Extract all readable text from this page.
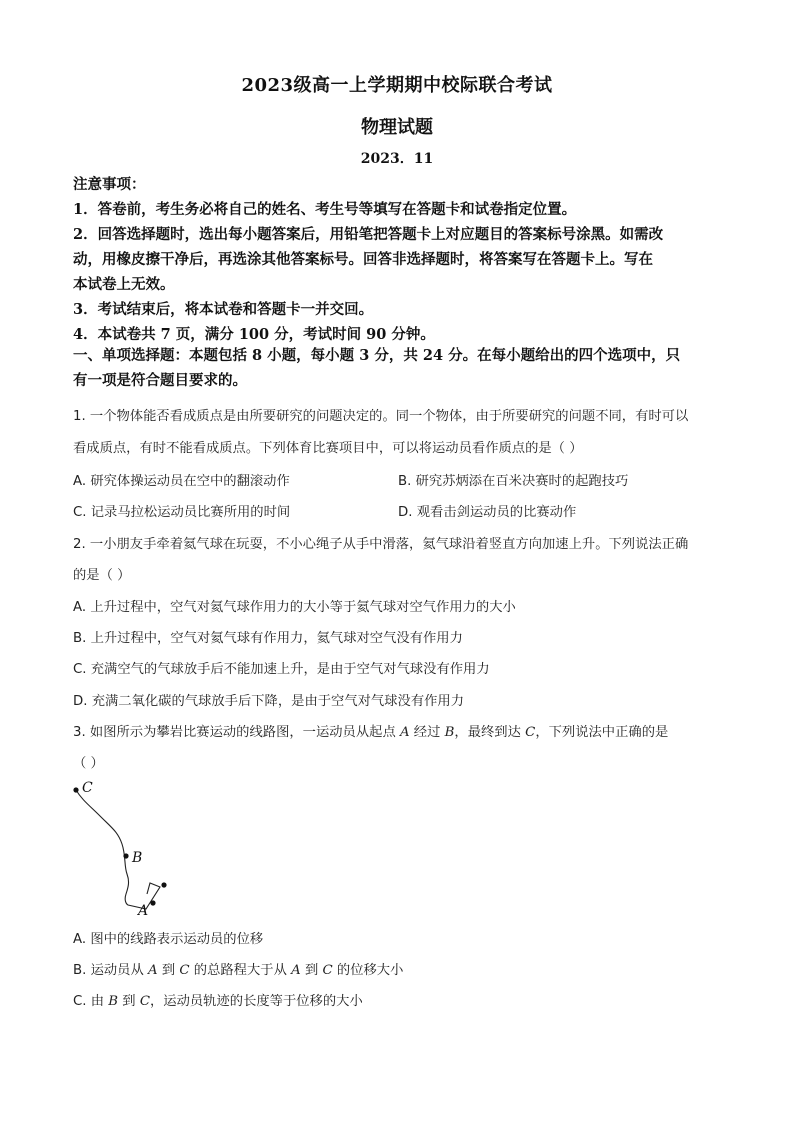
2023级高一上学期期中校际联合考试
物理试题
2023．11
注意事项：
1．答卷前，考生务必将自己的姓名、考生号等填写在答题卡和试卷指定位置。
2．回答选择题时，选出每小题答案后，用铅笔把答题卡上对应题目的答案标号涂黑。如需改
动，用橡皮擦干净后，再选涂其他答案标号。回答非选择题时，将答案写在答题卡上。写在
本试卷上无效。
3．考试结束后，将本试卷和答题卡一并交回。
4．本试卷共 7 页，满分 100 分，考试时间 90 分钟。
一、单项选择题：本题包括 8 小题，每小题 3 分，共 24 分。在每小题给出的四个选项中，只
有一项是符合题目要求的。
1. 一个物体能否看成质点是由所要研究的问题决定的。同一个物体，由于所要研究的问题不同，有时可以
看成质点，有时不能看成质点。下列体育比赛项目中，可以将运动员看作质点的是（ ）
A. 研究体操运动员在空中的翻滚动作	B. 研究苏炳添在百米决赛时的起跑技巧
C. 记录马拉松运动员比赛所用的时间	D. 观看击剑运动员的比赛动作
2. 一小朋友手牵着氦气球在玩耍，不小心绳子从手中滑落，氦气球沿着竖直方向加速上升。下列说法正确
的是（ ）
A. 上升过程中，空气对氦气球作用力的大小等于氦气球对空气作用力的大小
B. 上升过程中，空气对氦气球有作用力，氦气球对空气没有作用力
C. 充满空气的气球放手后不能加速上升，是由于空气对气球没有作用力
D. 充满二氧化碳的气球放手后下降，是由于空气对气球没有作用力
3. 如图所示为攀岩比赛运动的线路图，一运动员从起点 A 经过 B，最终到达 C，下列说法中正确的是
（ ）
C
B
A
A. 图中的线路表示运动员的位移
B. 运动员从 A 到 C 的总路程大于从 A 到 C 的位移大小
C. 由 B 到 C，运动员轨迹的长度等于位移的大小
